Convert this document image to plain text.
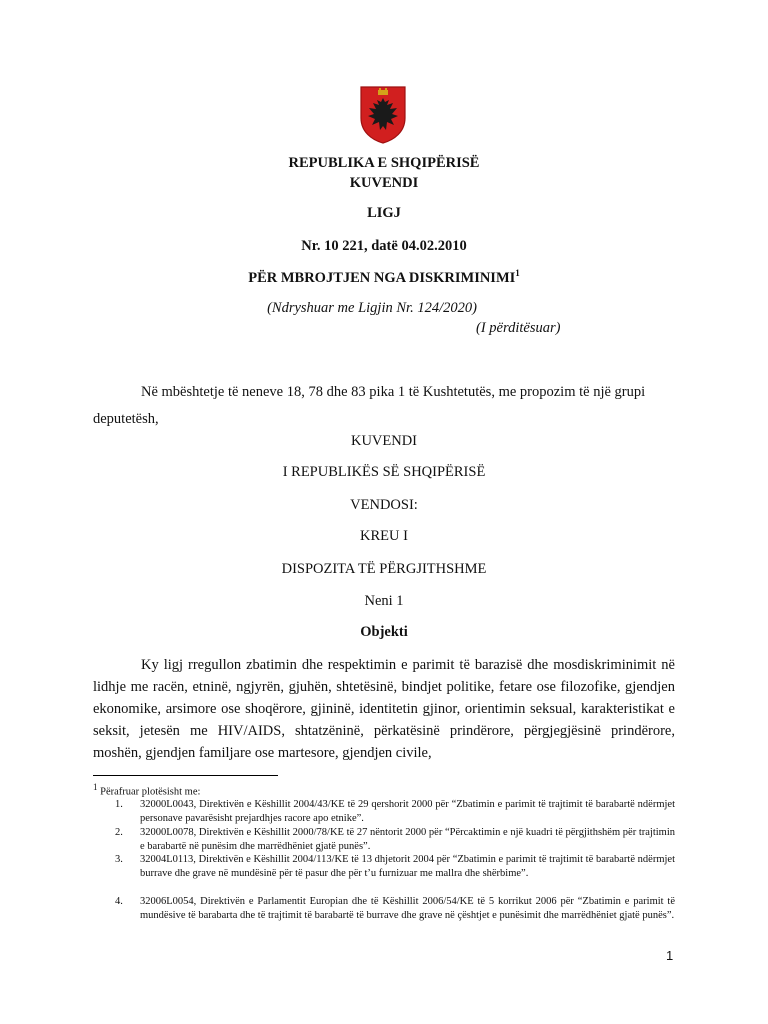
REPUBLIKA E SHQIPËRISË
KUVENDI
LIGJ
Nr. 10 221, datë 04.02.2010
PËR MBROJTJEN NGA DISKRIMINIMI$^1$
(Ndryshuar me Ligjin Nr. 124/2020)
(I përditësuar)
Në mbështetje të neneve 18, 78 dhe 83 pika 1 të Kushtetutës, me propozim të një grupi
deputetësh,
KUVENDI
I REPUBLIKËS SË SHQIPËRISË
VENDOSI:
KREU I
DISPOZITA TË PËRGJITHSHME
Neni 1
Objekti
Ky ligj rregullon zbatimin dhe respektimin e parimit të barazisë dhe mosdiskriminimit në lidhje me racën, etninë, ngjyrën, gjuhën, shtetësinë, bindjet politike, fetare ose filozofike, gjendjen ekonomike, arsimore ose shoqërore, gjininë, identitetin gjinor, orientimin seksual, karakteristikat e seksit, jetesën me HIV/AIDS, shtatzëninë, përkatësinë prindërore, përgjegjësinë prindërore, moshën, gjendjen familjare ose martesore, gjendjen civile,
$^1$ Përafruar plotësisht me:
1. 32000L0043, Direktivën e Këshillit 2004/43/KE të 29 qershorit 2000 për “Zbatimin e parimit të trajtimit të barabartë ndërmjet personave pavarësisht prejardhjes racore apo etnike”.
2. 32000L0078, Direktivën e Këshillit 2000/78/KE të 27 nëntorit 2000 për “Përcaktimin e një kuadri të përgjithshëm për trajtimin e barabartë në punësim dhe marrëdhëniet gjatë punës”.
3. 32004L0113, Direktivën e Këshillit 2004/113/KE të 13 dhjetorit 2004 për “Zbatimin e parimit të trajtimit të barabartë ndërmjet burrave dhe grave në mundësinë për të pasur dhe për t’u furnizuar me mallra dhe shërbime”.
4. 32006L0054, Direktivën e Parlamentit Europian dhe të Këshillit 2006/54/KE të 5 korrikut 2006 për “Zbatimin e parimit të mundësive të barabarta dhe të trajtimit të barabartë të burrave dhe grave në çështjet e punësimit dhe marrëdhëniet gjatë punës”.
1
